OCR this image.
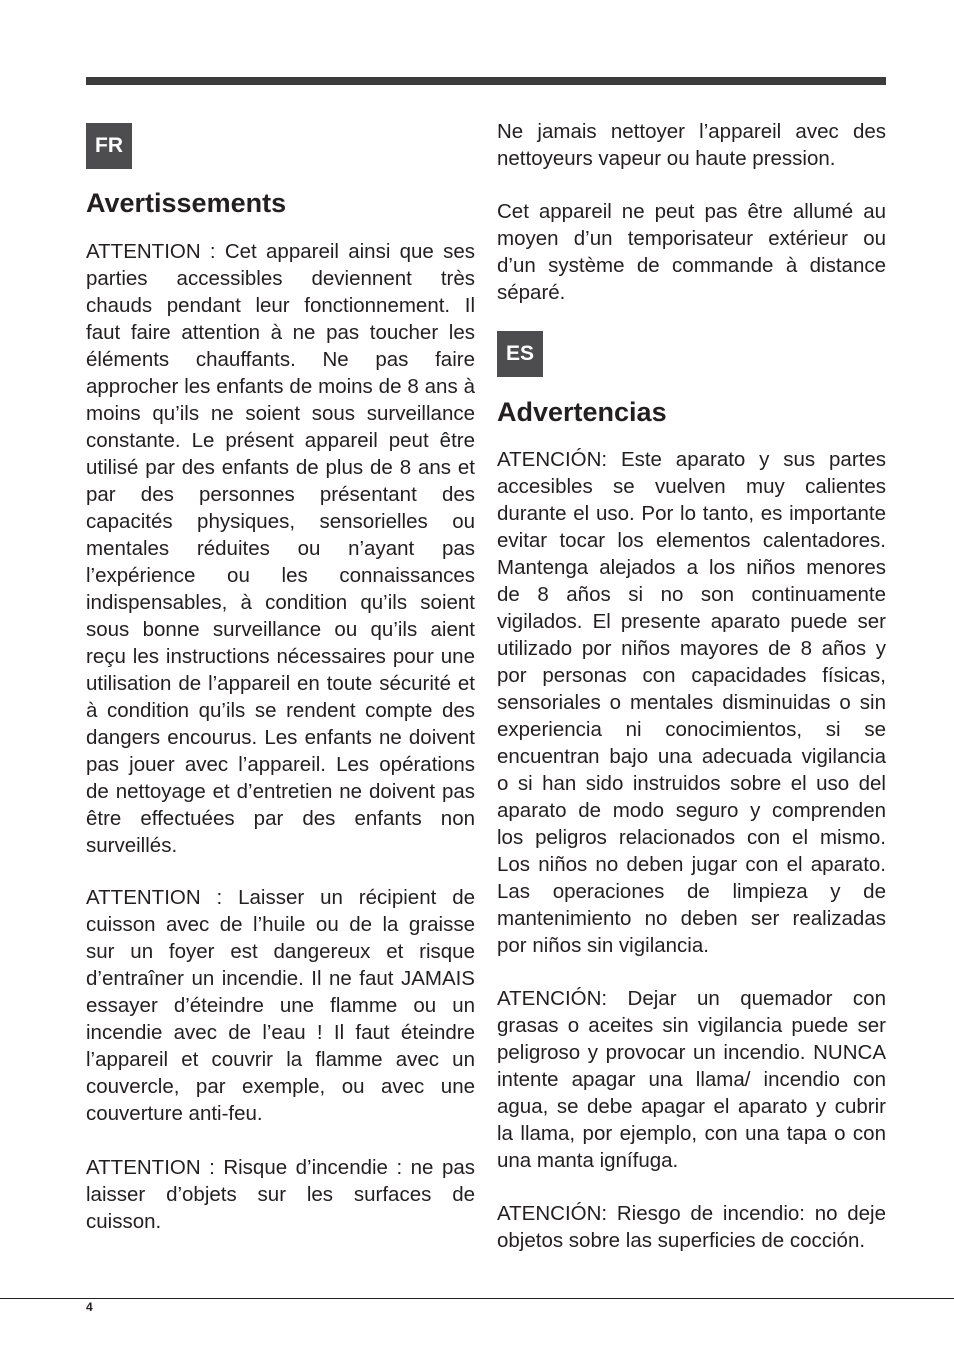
FR
Avertissements

ATTENTION : Cet appareil ainsi que ses parties accessibles deviennent très chauds pendant leur fonctionnement. Il faut faire attention à ne pas toucher les éléments chauffants. Ne pas faire approcher les enfants de moins de 8 ans à moins qu’ils ne soient sous surveillance constante. Le présent appareil peut être utilisé par des enfants de plus de 8 ans et par des personnes présentant des capacités physiques, sensorielles ou mentales réduites ou n’ayant pas l’expérience ou les connaissances indispensables, à condition qu’ils soient sous bonne surveillance ou qu’ils aient reçu les instructions nécessaires pour une utilisation de l’appareil en toute sécurité et à condition qu’ils se rendent compte des dangers encourus. Les enfants ne doivent pas jouer avec l’appareil. Les opérations de nettoyage et d’entretien ne doivent pas être effectuées par des enfants non surveillés.

ATTENTION : Laisser un récipient de cuisson avec de l’huile ou de la graisse sur un foyer est dangereux et risque d’entraîner un incendie. Il ne faut JAMAIS essayer d’éteindre une flamme ou un incendie avec de l’eau ! Il faut éteindre l’appareil et couvrir la flamme avec un couvercle, par exemple, ou avec une couverture anti-feu.

ATTENTION : Risque d’incendie : ne pas laisser d’objets sur les surfaces de cuisson.

Ne jamais nettoyer l’appareil avec des nettoyeurs vapeur ou haute pression.

Cet appareil ne peut pas être allumé au moyen d’un temporisateur extérieur ou d’un système de commande à distance séparé.

ES
Advertencias

ATENCIÓN: Este aparato y sus partes accesibles se vuelven muy calientes durante el uso. Por lo tanto, es importante evitar tocar los elementos calentadores. Mantenga alejados a los niños menores de 8 años si no son continuamente vigilados. El presente aparato puede ser utilizado por niños mayores de 8 años y por personas con capacidades físicas, sensoriales o mentales disminuidas o sin experiencia ni conocimientos, si se encuentran bajo una adecuada vigilancia o si han sido instruidos sobre el uso del aparato de modo seguro y comprenden los peligros relacionados con el mismo. Los niños no deben jugar con el aparato. Las operaciones de limpieza y de mantenimiento no deben ser realizadas por niños sin vigilancia.

ATENCIÓN: Dejar un quemador con grasas o aceites sin vigilancia puede ser peligroso y provocar un incendio. NUNCA intente apagar una llama/ incendio con agua, se debe apagar el aparato y cubrir la llama, por ejemplo, con una tapa o con una manta ignífuga.

ATENCIÓN: Riesgo de incendio: no deje objetos sobre las superficies de cocción.

4
